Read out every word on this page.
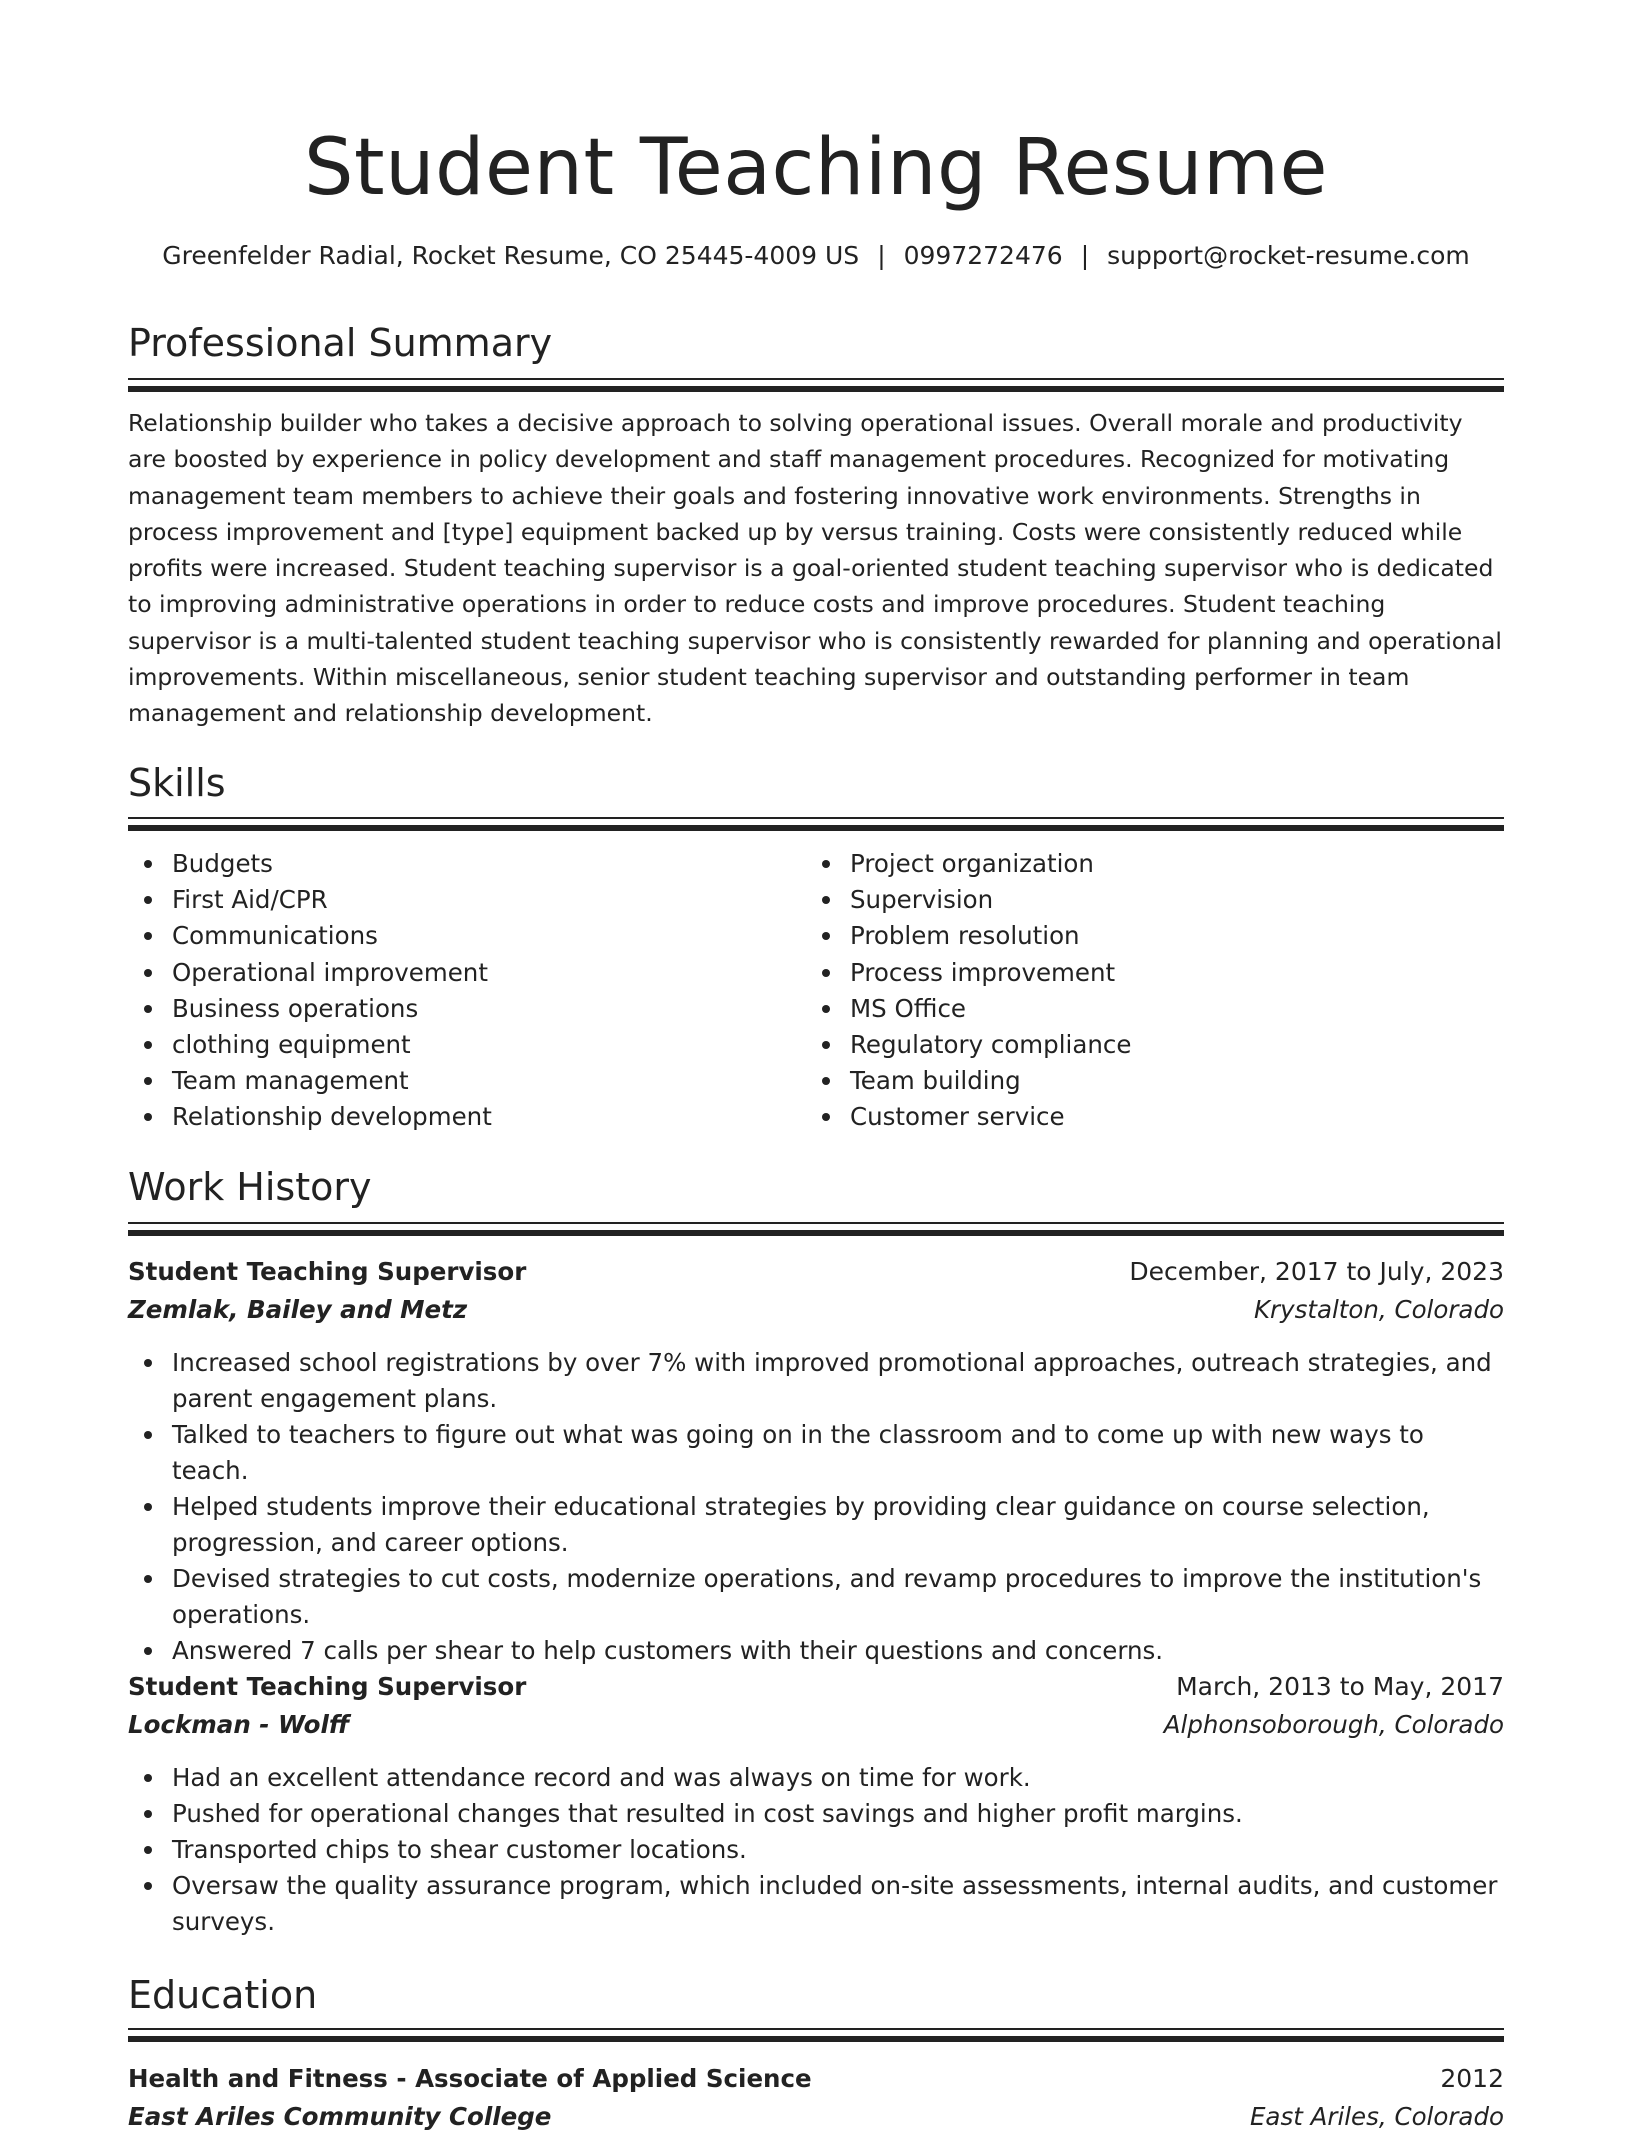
Student Teaching Resume
Greenfelder Radial, Rocket Resume, CO 25445-4009 US | 0997272476 | support@rocket-resume.com
Professional Summary

Relationship builder who takes a decisive approach to solving operational issues. Overall morale and productivity are boosted by experience in policy development and staff management procedures. Recognized for motivating management team members to achieve their goals and fostering innovative work environments. Strengths in process improvement and [type] equipment backed up by versus training. Costs were consistently reduced while profits were increased. Student teaching supervisor is a goal-oriented student teaching supervisor who is dedicated to improving administrative operations in order to reduce costs and improve procedures. Student teaching supervisor is a multi-talented student teaching supervisor who is consistently rewarded for planning and operational improvements. Within miscellaneous, senior student teaching supervisor and outstanding performer in team management and relationship development.

Skills
Budgets
First Aid/CPR
Communications
Operational improvement
Business operations
clothing equipment
Team management
Relationship development
Project organization
Supervision
Problem resolution
Process improvement
MS Office
Regulatory compliance
Team building
Customer service
Work History
Student Teaching Supervisor	December, 2017 to July, 2023
Zemlak, Bailey and Metz	Krystalton, Colorado
Increased school registrations by over 7% with improved promotional approaches, outreach strategies, and parent engagement plans.
Talked to teachers to figure out what was going on in the classroom and to come up with new ways to teach.
Helped students improve their educational strategies by providing clear guidance on course selection, progression, and career options.
Devised strategies to cut costs, modernize operations, and revamp procedures to improve the institution's operations.
Answered 7 calls per shear to help customers with their questions and concerns.
Student Teaching Supervisor	March, 2013 to May, 2017
Lockman - Wolff	Alphonsoborough, Colorado
Had an excellent attendance record and was always on time for work.
Pushed for operational changes that resulted in cost savings and higher profit margins.
Transported chips to shear customer locations.
Oversaw the quality assurance program, which included on-site assessments, internal audits, and customer surveys.
Education
Health and Fitness - Associate of Applied Science	2012
East Ariles Community College	East Ariles, Colorado
